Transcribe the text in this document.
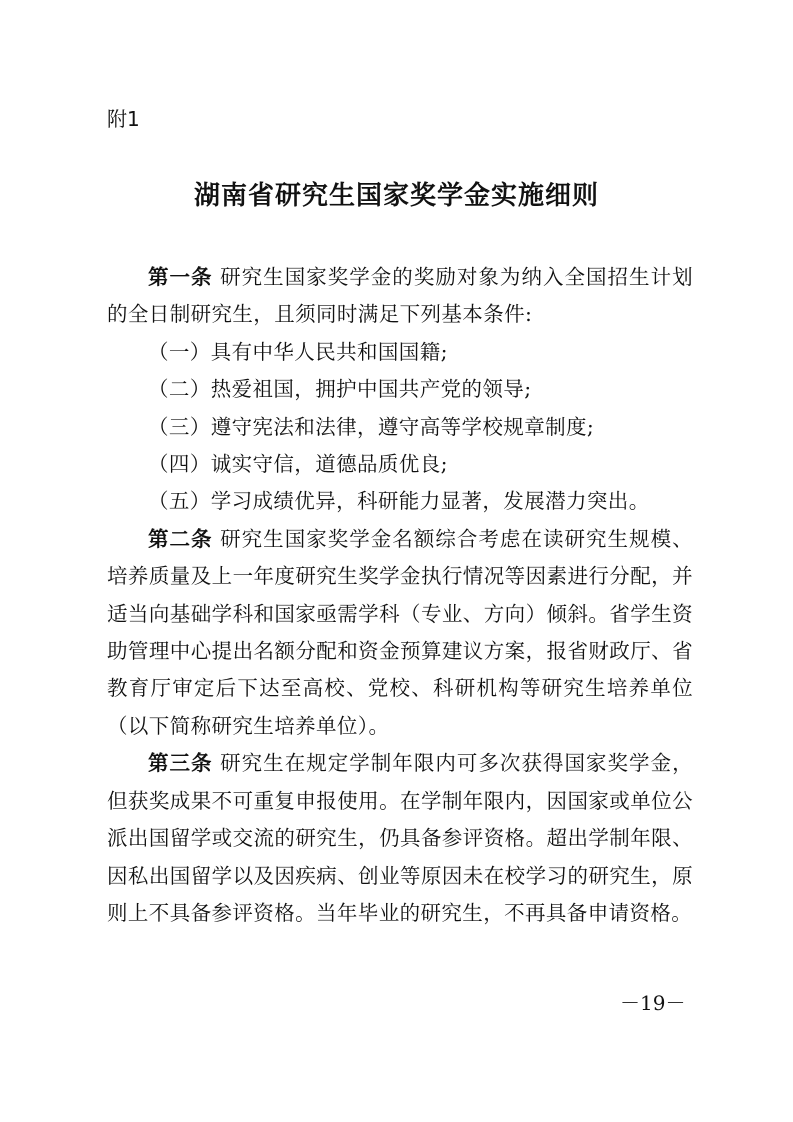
附1
湖南省研究生国家奖学金实施细则

第一条 研究生国家奖学金的奖励对象为纳入全国招生计划的全日制研究生，且须同时满足下列基本条件:

（一）具有中华人民共和国国籍;

（二）热爱祖国，拥护中国共产党的领导;

（三）遵守宪法和法律，遵守高等学校规章制度;

（四）诚实守信，道德品质优良;

（五）学习成绩优异，科研能力显著，发展潜力突出。

第二条 研究生国家奖学金名额综合考虑在读研究生规模、培养质量及上一年度研究生奖学金执行情况等因素进行分配，并适当向基础学科和国家亟需学科（专业、方向）倾斜。省学生资助管理中心提出名额分配和资金预算建议方案，报省财政厅、省教育厅审定后下达至高校、党校、科研机构等研究生培养单位（以下简称研究生培养单位）。

第三条 研究生在规定学制年限内可多次获得国家奖学金，但获奖成果不可重复申报使用。在学制年限内，因国家或单位公派出国留学或交流的研究生，仍具备参评资格。超出学制年限、因私出国留学以及因疾病、创业等原因未在校学习的研究生，原则上不具备参评资格。当年毕业的研究生，不再具备申请资格。

－19－
